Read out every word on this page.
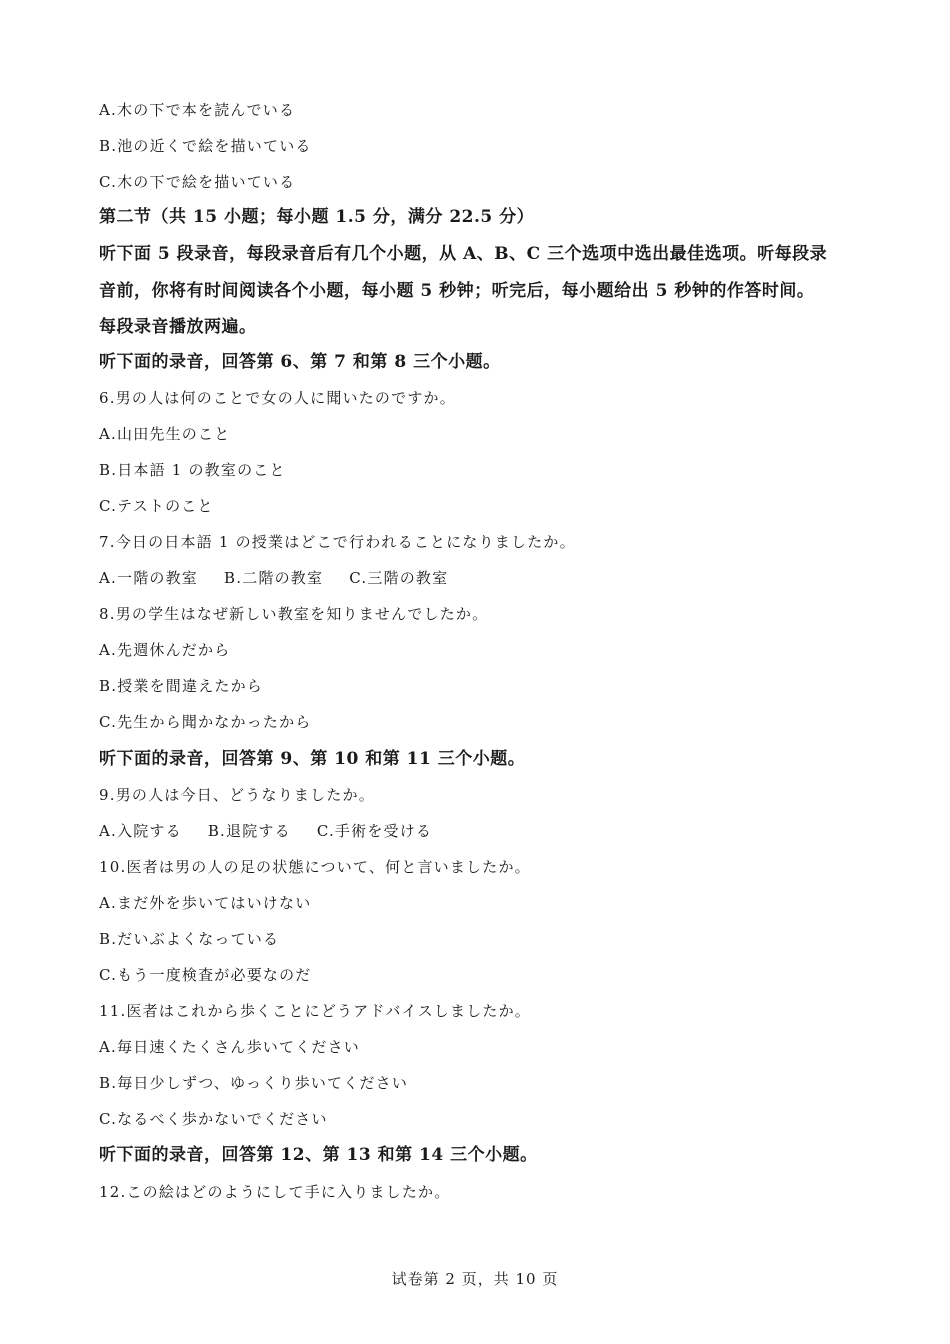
A.木の下で本を読んでいる
B.池の近くで絵を描いている
C.木の下で絵を描いている
第二节（共 15 小题；每小题 1.5 分，满分 22.5 分）
听下面 5 段录音，每段录音后有几个小题，从 A、B、C 三个选项中选出最佳选项。听每段录
音前，你将有时间阅读各个小题，每小题 5 秒钟；听完后，每小题给出 5 秒钟的作答时间。
每段录音播放两遍。
听下面的录音，回答第 6、第 7 和第 8 三个小题。
6.男の人は何のことで女の人に聞いたのですか。
A.山田先生のこと
B.日本語 1 の教室のこと
C.テストのこと
7.今日の日本語 1 の授業はどこで行われることになりましたか。
A.一階の教室 B.二階の教室 C.三階の教室
8.男の学生はなぜ新しい教室を知りませんでしたか。
A.先週休んだから
B.授業を間違えたから
C.先生から聞かなかったから
听下面的录音，回答第 9、第 10 和第 11 三个小题。
9.男の人は今日、どうなりましたか。
A.入院する B.退院する C.手術を受ける
10.医者は男の人の足の状態について、何と言いましたか。
A.まだ外を歩いてはいけない
B.だいぶよくなっている
C.もう一度検査が必要なのだ
11.医者はこれから歩くことにどうアドバイスしましたか。
A.毎日速くたくさん歩いてください
B.毎日少しずつ、ゆっくり歩いてください
C.なるべく歩かないでください
听下面的录音，回答第 12、第 13 和第 14 三个小题。
12.この絵はどのようにして手に入りましたか。
试卷第 2 页，共 10 页
